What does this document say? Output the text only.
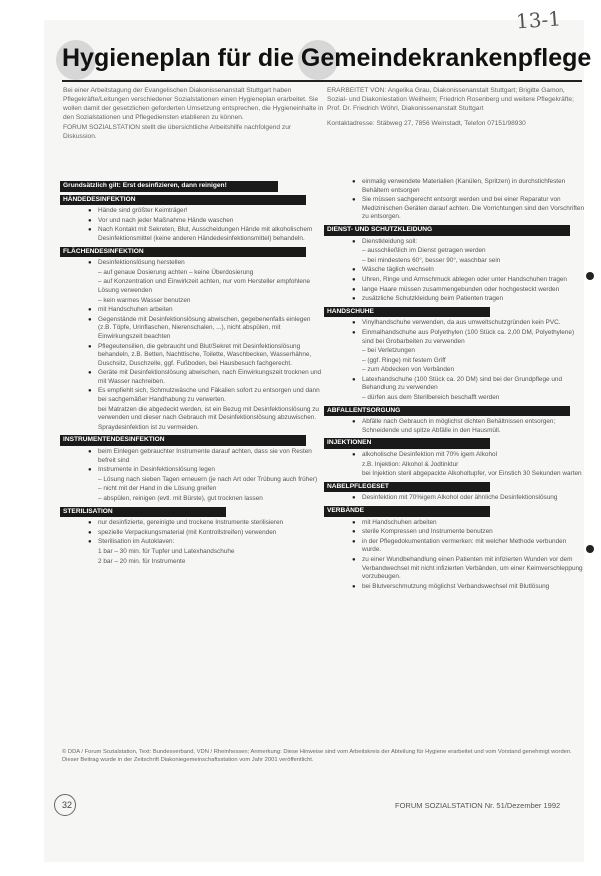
13-1
Hygieneplan für die Gemeindekrankenpflege

Bei einer Arbeitstagung der Evangelischen Diakonissenanstalt Stuttgart haben Pflegekräfte/Leitungen verschiedener Sozialstationen einen Hygieneplan erarbeitet. Sie wollen damit der gesetzlichen geforderten Umsetzung entsprechen, die Hygieneinhalte in den Sozialstationen und Pflegediensten etablieren zu können.

FORUM SOZIALSTATION stellt die übersichtliche Arbeitshilfe nachfolgend zur Diskussion.

ERARBEITET VON: Angelika Grau, Diakonissenanstalt Stuttgart; Brigitte Gamon, Sozial- und Diakoniestation Weilheim; Friedrich Rosenberg und weitere Pflegekräfte; Prof. Dr. Friedrich Wöhrl, Diakonissenanstalt Stuttgart

Kontaktadresse: Stäbweg 27, 7856 Weinstadt, Telefon 07151/98930

Grundsätzlich gilt: Erst desinfizieren, dann reinigen!
HÄNDEDESINFEKTION
● Hände sind größter Keimträger!
● Vor und nach jeder Maßnahme Hände waschen
● Nach Kontakt mit Sekreten, Blut, Ausscheidungen Hände mit alkoholischem Desinfektionsmittel (keine anderen Händedesinfektionsmittel) behandeln.
FLÄCHENDESINFEKTION
● Desinfektionslösung herstellen
– auf genaue Dosierung achten – keine Überdosierung
– auf Konzentration und Einwirkzeit achten, nur vom Hersteller empfohlene Lösung verwenden
– kein warmes Wasser benutzen
● mit Handschuhen arbeiten
● Gegenstände mit Desinfektionslösung abwischen, gegebenenfalls einlegen (z.B. Töpfe, Urinflaschen, Nierenschalen, ...), nicht abspülen, mit Einwirkungszeit beachten
● Pflegeutensilien, die gebraucht und Blut/Sekret mit Desinfektionslösung behandeln, z.B. Betten, Nachttische, Toilette, Waschbecken, Wasserhähne, Duschsitz, Duschzelle, ggf. Fußboden, bei Hausbesuch fachgerecht.
● Geräte mit Desinfektionslösung abwischen, nach Einwirkungszeit trocknen und mit Wasser nachreiben.
● Es empfiehlt sich, Schmutzwäsche und Fäkalien sofort zu entsorgen und dann bei sachgemäßer Handhabung zu verwerten.
bei Matratzen die abgedeckt werden, ist ein Bezug mit Desinfektionslösung zu verwenden und dieser nach Gebrauch mit Desinfektionslösung abzuwischen.
Spraydesinfektion ist zu vermeiden.
INSTRUMENTENDESINFEKTION
● beim Einlegen gebrauchter Instrumente darauf achten, dass sie von Resten befreit sind
● Instrumente in Desinfektionslösung legen
– Lösung nach sieben Tagen erneuern (je nach Art oder Trübung auch früher)
– nicht mit der Hand in die Lösung greifen
– abspülen, reinigen (evtl. mit Bürste), gut trocknen lassen
STERILISATION
● nur desinfizierte, gereinigte und trockene Instrumente sterilisieren
● spezielle Verpackungsmaterial (mit Kontrollstreifen) verwenden
● Sterilisation im Autoklaven:
1 bar – 30 min. für Tupfer und Latexhandschuhe
2 bar – 20 min. für Instrumente
● einmalig verwendete Materialien (Kanülen, Spritzen) in durchstichfesten Behältern entsorgen
● Sie müssen sachgerecht entsorgt werden und bei einer Reparatur von Medizinischen Geräten darauf achten. Die Vorrichtungen sind den Vorschriften zu entsorgen.
DIENST- UND SCHUTZKLEIDUNG
● Dienstkleidung soll:
– ausschließlich im Dienst getragen werden
– bei mindestens 60°, besser 90°, waschbar sein
● Wäsche täglich wechseln
● Uhren, Ringe und Armschmuck ablegen oder unter Handschuhen tragen
● lange Haare müssen zusammengebunden oder hochgesteckt werden
● zusätzliche Schutzkleidung beim Patienten tragen
HANDSCHUHE
● Vinylhandschuhe verwenden, da aus umweltschutzgründen kein PVC.
● Einmalhandschuhe aus Polyethylen (100 Stück ca. 2,00 DM, Polyethylene) sind bei Grobarbeiten zu verwenden
– bei Verletzungen
– (ggf. Ringe) mit festem Griff
– zum Abdecken von Verbänden
● Latexhandschuhe (100 Stück ca. 20 DM) sind bei der Grundpflege und Behandlung zu verwenden
– dürfen aus dem Sterilbereich beschafft werden
ABFALLENTSORGUNG
● Abfälle nach Gebrauch in möglichst dichten Behältnissen entsorgen; Schneidende und spitze Abfälle in den Hausmüll.
INJEKTIONEN
● alkoholische Desinfektion mit 70% igem Alkohol
z.B. Injektion: Alkohol & Jodtinktur
bei Injektion steril abgepackte Alkoholtupfer, vor Einstich 30 Sekunden warten
NABELPFLEGESET
● Desinfektion mit 70%igem Alkohol oder ähnliche Desinfektionslösung
VERBÄNDE
● mit Handschuhen arbeiten
● sterile Kompressen und Instrumente benutzen
● in der Pflegedokumentation vermerken: mit welcher Methode verbunden wurde.
● zu einer Wundbehandlung einen Patienten mit infizierten Wunden vor dem Verbandwechsel mit nicht infizierten Verbänden, um einer Keimverschleppung vorzubeugen.
● bei Blutverschmutzung möglichst Verbandswechsel mit Blutlösung
© DDA / Forum Sozialstation, Text: Bundesverband, VDN / Rheinhessen; Anmerkung: Diese Hinweise sind vom Arbeitskreis der Abteilung für Hygiene erarbeitet und vom Vorstand genehmigt worden. Dieser Beitrag wurde in der Zeitschrift Diakoniegemeinschaftsstation vom Jahr 2001 veröffentlicht.
32	FORUM SOZIALSTATION Nr. 51/Dezember 1992
